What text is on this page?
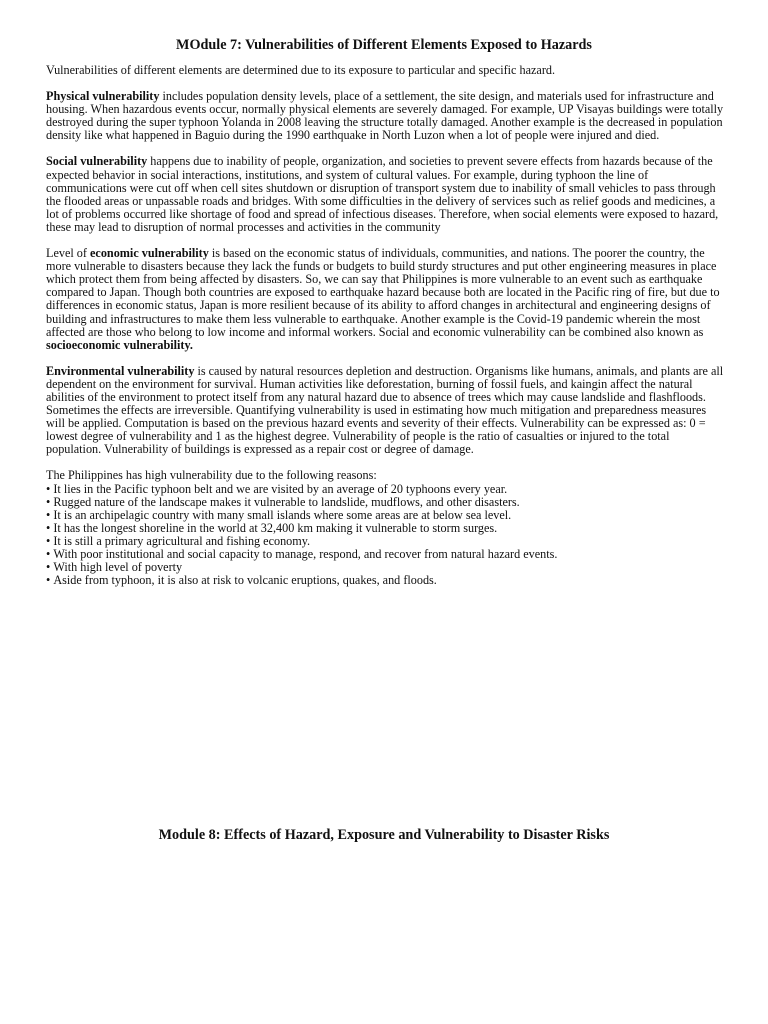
MOdule 7: Vulnerabilities of Different Elements Exposed to Hazards

Vulnerabilities of different elements are determined due to its exposure to particular and specific hazard.

Physical vulnerability includes population density levels, place of a settlement, the site design, and materials used for infrastructure and housing. When hazardous events occur, normally physical elements are severely damaged. For example, UP Visayas buildings were totally destroyed during the super typhoon Yolanda in 2008 leaving the structure totally damaged. Another example is the decreased in population density like what happened in Baguio during the 1990 earthquake in North Luzon when a lot of people were injured and died.

Social vulnerability happens due to inability of people, organization, and societies to prevent severe effects from hazards because of the expected behavior in social interactions, institutions, and system of cultural values. For example, during typhoon the line of communications were cut off when cell sites shutdown or disruption of transport system due to inability of small vehicles to pass through the flooded areas or unpassable roads and bridges. With some difficulties in the delivery of services such as relief goods and medicines, a lot of problems occurred like shortage of food and spread of infectious diseases. Therefore, when social elements were exposed to hazard, these may lead to disruption of normal processes and activities in the community

Level of economic vulnerability is based on the economic status of individuals, communities, and nations. The poorer the country, the more vulnerable to disasters because they lack the funds or budgets to build sturdy structures and put other engineering measures in place which protect them from being affected by disasters. So, we can say that Philippines is more vulnerable to an event such as earthquake compared to Japan. Though both countries are exposed to earthquake hazard because both are located in the Pacific ring of fire, but due to differences in economic status, Japan is more resilient because of its ability to afford changes in architectural and engineering designs of building and infrastructures to make them less vulnerable to earthquake. Another example is the Covid-19 pandemic wherein the most affected are those who belong to low income and informal workers. Social and economic vulnerability can be combined also known as socioeconomic vulnerability.

Environmental vulnerability is caused by natural resources depletion and destruction. Organisms like humans, animals, and plants are all dependent on the environment for survival. Human activities like deforestation, burning of fossil fuels, and kaingin affect the natural abilities of the environment to protect itself from any natural hazard due to absence of trees which may cause landslide and flashfloods. Sometimes the effects are irreversible. Quantifying vulnerability is used in estimating how much mitigation and preparedness measures will be applied. Computation is based on the previous hazard events and severity of their effects. Vulnerability can be expressed as: 0 = lowest degree of vulnerability and 1 as the highest degree. Vulnerability of people is the ratio of casualties or injured to the total population. Vulnerability of buildings is expressed as a repair cost or degree of damage.

The Philippines has high vulnerability due to the following reasons:
• It lies in the Pacific typhoon belt and we are visited by an average of 20 typhoons every year.
• Rugged nature of the landscape makes it vulnerable to landslide, mudflows, and other disasters.
• It is an archipelagic country with many small islands where some areas are at below sea level.
• It has the longest shoreline in the world at 32,400 km making it vulnerable to storm surges.
• It is still a primary agricultural and fishing economy.
• With poor institutional and social capacity to manage, respond, and recover from natural hazard events.
• With high level of poverty
• Aside from typhoon, it is also at risk to volcanic eruptions, quakes, and floods.
Module 8: Effects of Hazard, Exposure and Vulnerability to Disaster Risks
